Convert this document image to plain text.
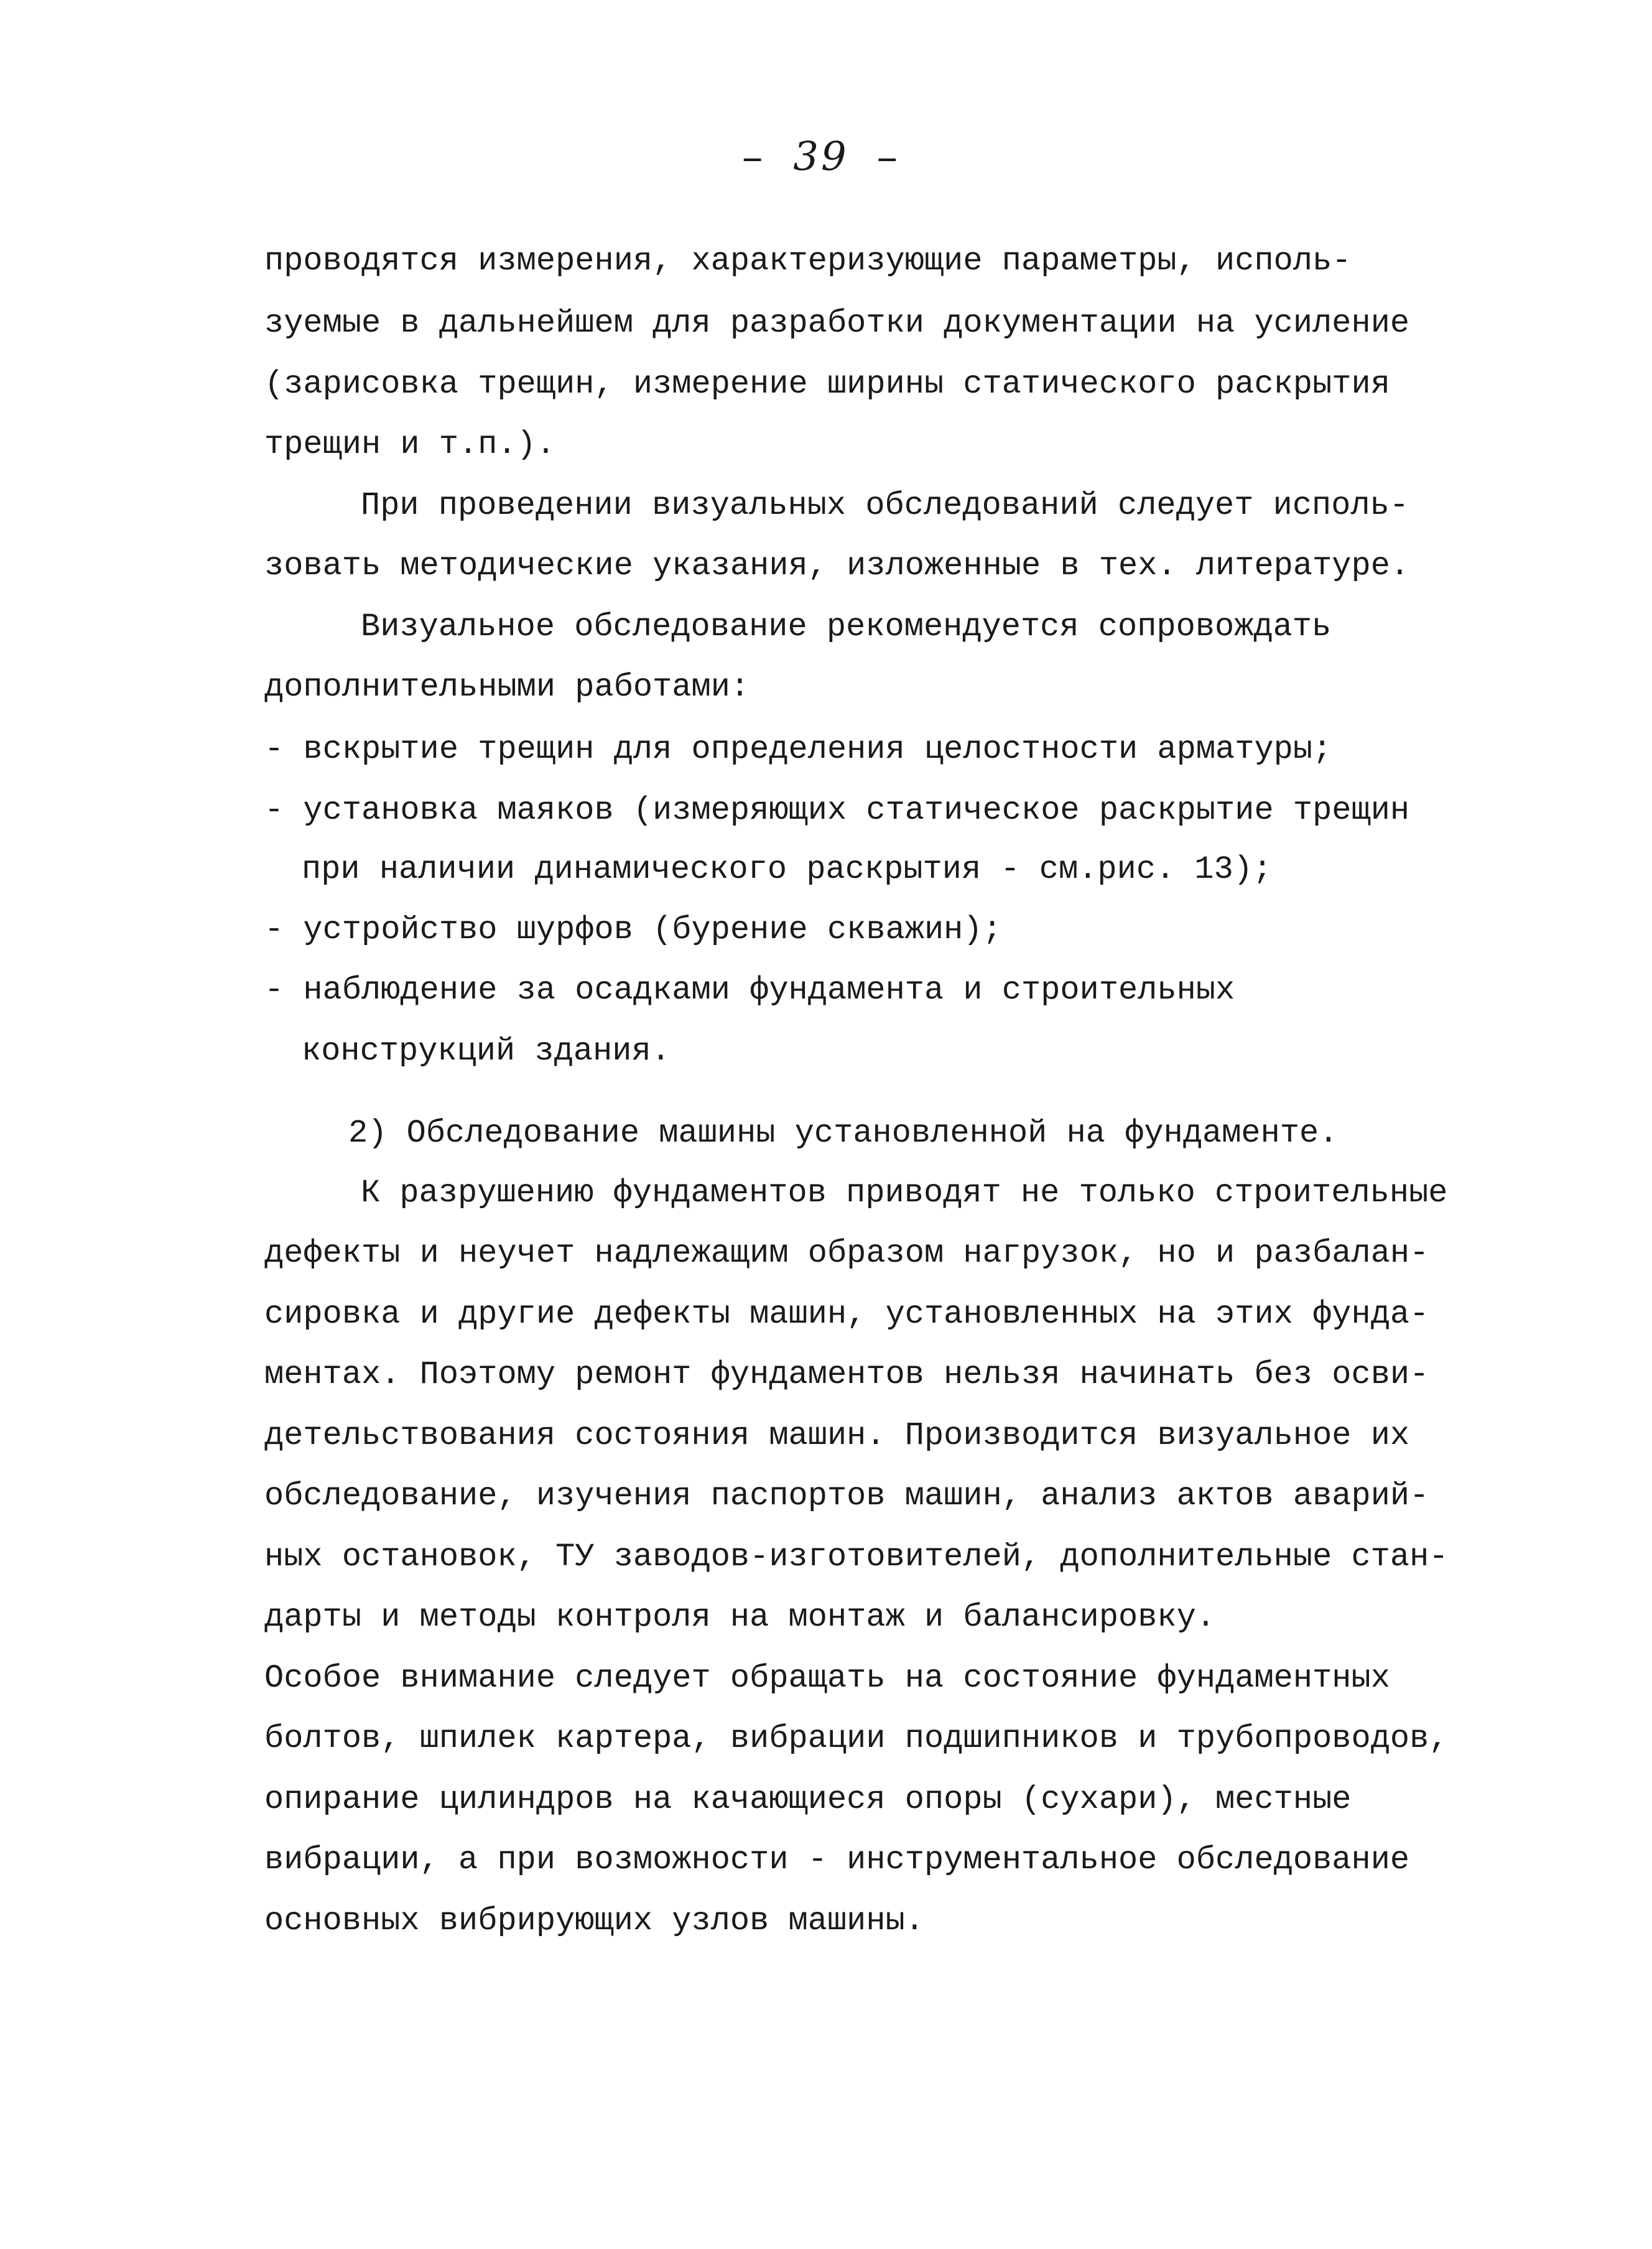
– 39 –
проводятся измерения, характеризующие параметры, исполь-
зуемые в дальнейшем для разработки документации на усиление
(зарисовка трещин, измерение ширины статического раскрытия
трещин и т.п.).
При проведении визуальных обследований следует исполь-
зовать методические указания, изложенные в тех. литературе.
Визуальное обследование рекомендуется сопровождать
дополнительными работами:
- вскрытие трещин для определения целостности арматуры;
- установка маяков (измеряющих статическое раскрытие трещин
при наличии динамического раскрытия - см.рис. 13);
- устройство шурфов (бурение скважин);
- наблюдение за осадками фундамента и строительных
конструкций здания.
2) Обследование машины установленной на фундаменте.
К разрушению фундаментов приводят не только строительные
дефекты и неучет надлежащим образом нагрузок, но и разбалан-
сировка и другие дефекты машин, установленных на этих фунда-
ментах. Поэтому ремонт фундаментов нельзя начинать без осви-
детельствования состояния машин. Производится визуальное их
обследование, изучения паспортов машин, анализ актов аварий-
ных остановок, ТУ заводов-изготовителей, дополнительные стан-
дарты и методы контроля на монтаж и балансировку.
Особое внимание следует обращать на состояние фундаментных
болтов, шпилек картера, вибрации подшипников и трубопроводов,
опирание цилиндров на качающиеся опоры (сухари), местные
вибрации, а при возможности - инструментальное обследование
основных вибрирующих узлов машины.
